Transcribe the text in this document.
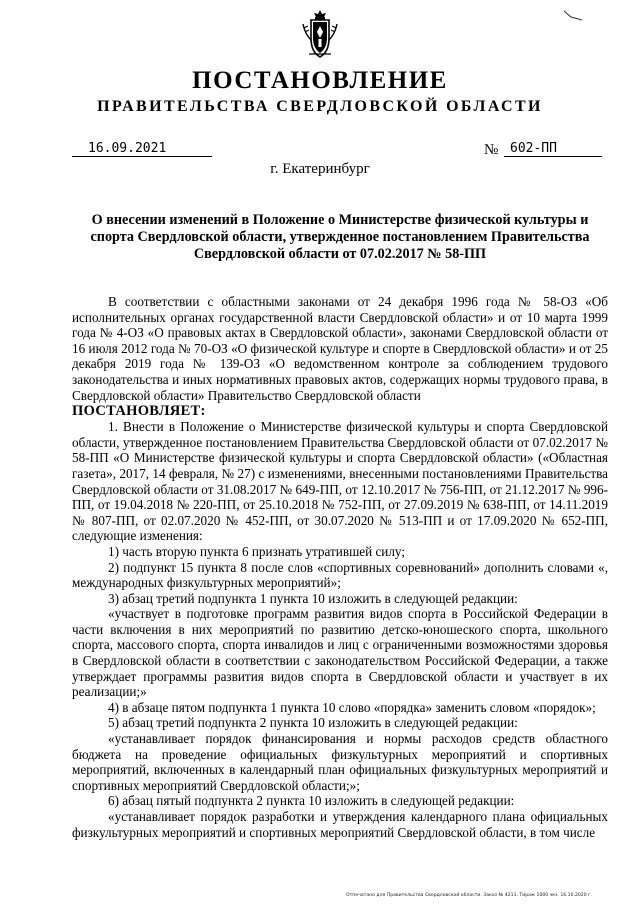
ПОСТАНОВЛЕНИЕ
ПРАВИТЕЛЬСТВА СВЕРДЛОВСКОЙ ОБЛАСТИ
16.09.2021	№ 602-ПП
г. Екатеринбург
О внесении изменений в Положение о Министерстве физической культуры и спорта Свердловской области, утвержденное постановлением Правительства Свердловской области от 07.02.2017 № 58-ПП

В соответствии с областными законами от 24 декабря 1996 года № 58-ОЗ «Об исполнительных органах государственной власти Свердловской области» и от 10 марта 1999 года № 4-ОЗ «О правовых актах в Свердловской области», законами Свердловской области от 16 июля 2012 года № 70-ОЗ «О физической культуре и спорте в Свердловской области» и от 25 декабря 2019 года № 139-ОЗ «О ведомственном контроле за соблюдением трудового законодательства и иных нормативных правовых актов, содержащих нормы трудового права, в Свердловской области» Правительство Свердловской области

ПОСТАНОВЛЯЕТ:

1. Внести в Положение о Министерстве физической культуры и спорта Свердловской области, утвержденное постановлением Правительства Свердловской области от 07.02.2017 № 58-ПП «О Министерстве физической культуры и спорта Свердловской области» («Областная газета», 2017, 14 февраля, № 27) с изменениями, внесенными постановлениями Правительства Свердловской области от 31.08.2017 № 649-ПП, от 12.10.2017 № 756-ПП, от 21.12.2017 № 996-ПП, от 19.04.2018 № 220-ПП, от 25.10.2018 № 752-ПП, от 27.09.2019 № 638-ПП, от 14.11.2019 № 807-ПП, от 02.07.2020 № 452-ПП, от 30.07.2020 № 513-ПП и от 17.09.2020 № 652-ПП, следующие изменения:

1) часть вторую пункта 6 признать утратившей силу;

2) подпункт 15 пункта 8 после слов «спортивных соревнований» дополнить словами «, международных физкультурных мероприятий»;

3) абзац третий подпункта 1 пункта 10 изложить в следующей редакции:

«участвует в подготовке программ развития видов спорта в Российской Федерации в части включения в них мероприятий по развитию детско-юношеского спорта, школьного спорта, массового спорта, спорта инвалидов и лиц с ограниченными возможностями здоровья в Свердловской области в соответствии с законодательством Российской Федерации, а также утверждает программы развития видов спорта в Свердловской области и участвует в их реализации;»

4) в абзаце пятом подпункта 1 пункта 10 слово «порядка» заменить словом «порядок»;

5) абзац третий подпункта 2 пункта 10 изложить в следующей редакции:

«устанавливает порядок финансирования и нормы расходов средств областного бюджета на проведение официальных физкультурных мероприятий и спортивных мероприятий, включенных в календарный план официальных физкультурных мероприятий и спортивных мероприятий Свердловской области;»;

6) абзац пятый подпункта 2 пункта 10 изложить в следующей редакции:

«устанавливает порядок разработки и утверждения календарного плана официальных физкультурных мероприятий и спортивных мероприятий Свердловской области, в том числе

Отпечатано для Правительства Свердловской области. Заказ № 4211. Тираж 1000 экз. 16.10.2020 г.
